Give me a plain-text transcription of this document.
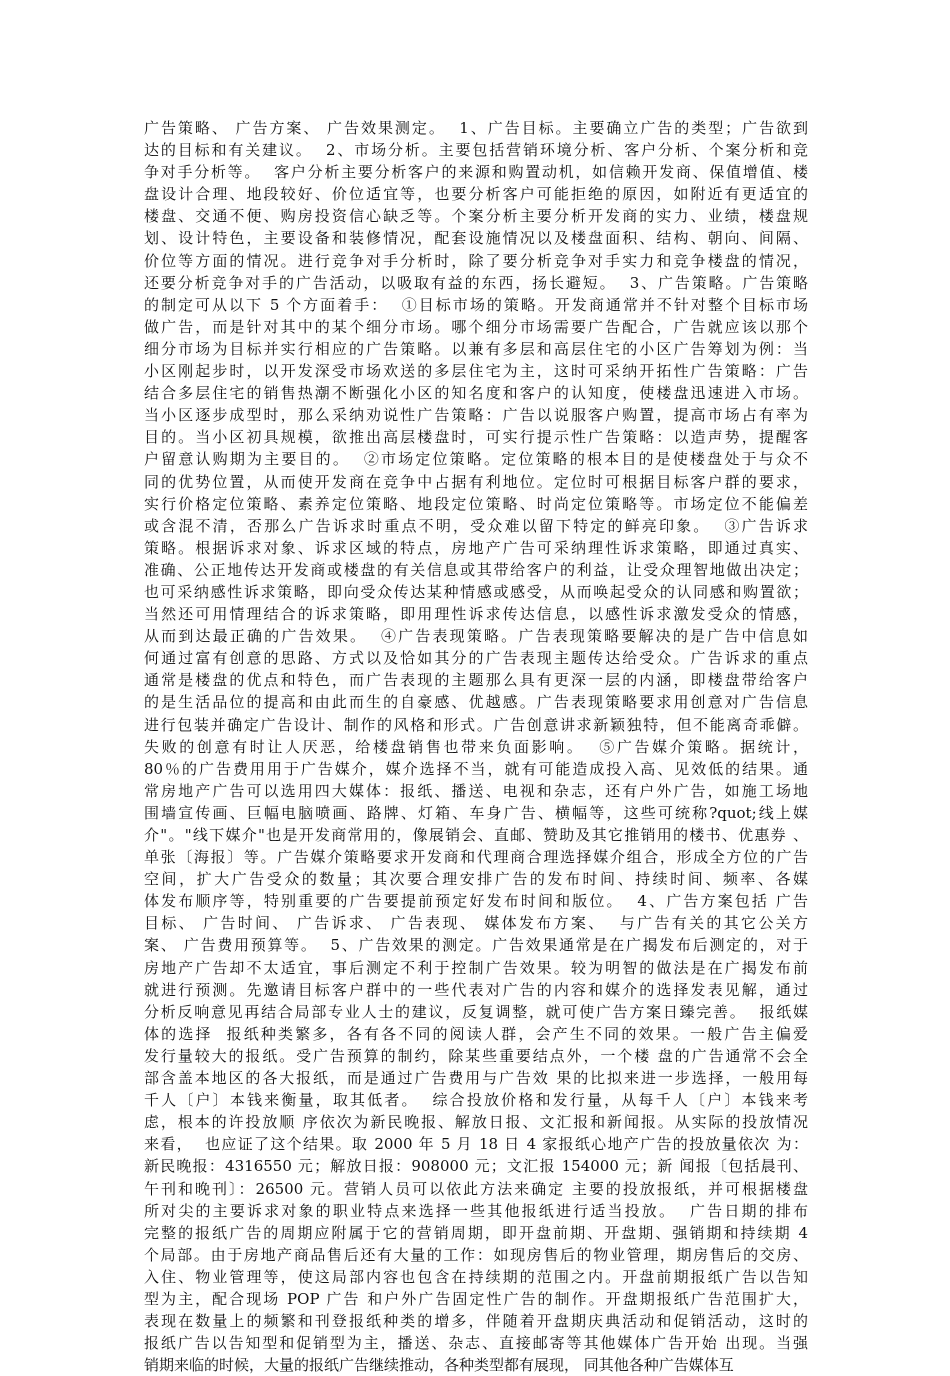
广告策略、 广告方案、 广告效果测定。  1、广告目标。主要确立广告的类型；广告欲到
达的目标和有关建议。  2、市场分析。主要包括营销环境分析、客户分析、个案分析和竞
争对手分析等。  客户分析主要分析客户的来源和购置动机，如信赖开发商、保值增值、楼
盘设计合理、地段较好、价位适宜等，也要分析客户可能拒绝的原因，如附近有更适宜的
楼盘、交通不便、购房投资信心缺乏等。个案分析主要分析开发商的实力、业绩，楼盘规
划、设计特色，主要设备和装修情况，配套设施情况以及楼盘面积、结构、朝向、间隔、
价位等方面的情况。进行竞争对手分析时，除了要分析竞争对手实力和竞争楼盘的情况，
还要分析竞争对手的广告活动，以吸取有益的东西，扬长避短。  3、广告策略。广告策略
的制定可从以下 5 个方面着手：  ①目标市场的策略。开发商通常并不针对整个目标市场
做广告，而是针对其中的某个细分市场。哪个细分市场需要广告配合，广告就应该以那个
细分市场为目标并实行相应的广告策略。以兼有多层和高层住宅的小区广告筹划为例：当
小区刚起步时，以开发深受市场欢送的多层住宅为主，这时可采纳开拓性广告策略：广告
结合多层住宅的销售热潮不断强化小区的知名度和客户的认知度，使楼盘迅速进入市场。
当小区逐步成型时，那么采纳劝说性广告策略：广告以说服客户购置，提高市场占有率为
目的。当小区初具规模，欲推出高层楼盘时，可实行提示性广告策略：以造声势，提醒客
户留意认购期为主要目的。  ②市场定位策略。定位策略的根本目的是使楼盘处于与众不
同的优势位置，从而使开发商在竞争中占据有利地位。定位时可根据目标客户群的要求，
实行价格定位策略、素养定位策略、地段定位策略、时尚定位策略等。市场定位不能偏差
或含混不清，否那么广告诉求时重点不明，受众难以留下特定的鲜亮印象。  ③广告诉求
策略。根据诉求对象、诉求区域的特点，房地产广告可采纳理性诉求策略，即通过真实、
准确、公正地传达开发商或楼盘的有关信息或其带给客户的利益，让受众理智地做出决定；
也可采纳感性诉求策略，即向受众传达某种情感或感受，从而唤起受众的认同感和购置欲；
当然还可用情理结合的诉求策略，即用理性诉求传达信息，以感性诉求激发受众的情感，
从而到达最正确的广告效果。  ④广告表现策略。广告表现策略要解决的是广告中信息如
何通过富有创意的思路、方式以及恰如其分的广告表现主题传达给受众。广告诉求的重点
通常是楼盘的优点和特色，而广告表现的主题那么具有更深一层的内涵，即楼盘带给客户
的是生活品位的提高和由此而生的自豪感、优越感。广告表现策略要求用创意对广告信息
进行包装并确定广告设计、制作的风格和形式。广告创意讲求新颖独特，但不能离奇乖僻。
失败的创意有时让人厌恶，给楼盘销售也带来负面影响。  ⑤广告媒介策略。据统计，
80％的广告费用用于广告媒介，媒介选择不当，就有可能造成投入高、见效低的结果。通
常房地产广告可以选用四大媒体：报纸、播送、电视和杂志，还有户外广告，如施工场地
围墙宣传画、巨幅电脑喷画、路牌、灯箱、车身广告、横幅等，这些可统称?quot;线上媒
介"。"线下媒介"也是开发商常用的，像展销会、直邮、赞助及其它推销用的楼书、优惠券 、
单张〔海报〕等。广告媒介策略要求开发商和代理商合理选择媒介组合，形成全方位的广告
空间，扩大广告受众的数量；其次要合理安排广告的发布时间、持续时间、频率、各媒
体发布顺序等，特别重要的广告要提前预定好发布时间和版位。  4、广告方案包括 广告
目标、 广告时间、 广告诉求、 广告表现、 媒体发布方案、  与广告有关的其它公关方
案、 广告费用预算等。  5、广告效果的测定。广告效果通常是在广揭发布后测定的，对于
房地产广告却不太适宜，事后测定不利于控制广告效果。较为明智的做法是在广揭发布前
就进行预测。先邀请目标客户群中的一些代表对广告的内容和媒介的选择发表见解，通过
分析反响意见再结合局部专业人士的建议，反复调整，就可使广告方案日臻完善。  报纸媒
体的选择  报纸种类繁多，各有各不同的阅读人群，会产生不同的效果。一般广告主偏爱
发行量较大的报纸。受广告预算的制约，除某些重要结点外，一个楼 盘的广告通常不会全
部含盖本地区的各大报纸，而是通过广告费用与广告效 果的比拟来进一步选择，一般用每
千人〔户〕本钱来衡量，取其低者。  综合投放价格和发行量，从每千人〔户〕本钱来考
虑，根本的许投放顺 序依次为新民晚报、解放日报、文汇报和新闻报。从实际的投放情况
来看，  也应证了这个结果。取 2000 年 5 月 18 日 4 家报纸心地产广告的投放量依次 为：
新民晚报：4316550 元；解放日报：908000 元；文汇报 154000 元；新 闻报〔包括晨刊、
午刊和晚刊〕：26500 元。营销人员可以依此方法来确定 主要的投放报纸，并可根据楼盘
所对尖的主要诉求对象的职业特点来选择一些其他报纸进行适当投放。  广告日期的排布
完整的报纸广告的周期应附属于它的营销周期，即开盘前期、开盘期、强销期和持续期 4
个局部。由于房地产商品售后还有大量的工作：如现房售后的物业管理，期房售后的交房、
入住、物业管理等，使这局部内容也包含在持续期的范围之内。开盘前期报纸广告以告知
型为主，配合现场 POP 广告 和户外广告固定性广告的制作。开盘期报纸广告范围扩大，
表现在数量上的频繁和刊登报纸种类的增多，伴随着开盘期庆典活动和促销活动，这时的
报纸广告以告知型和促销型为主，播送、杂志、直接邮寄等其他媒体广告开始 出现。当强
销期来临的时候，大量的报纸广告继续推动，各种类型都有展现， 同其他各种广告媒体互
